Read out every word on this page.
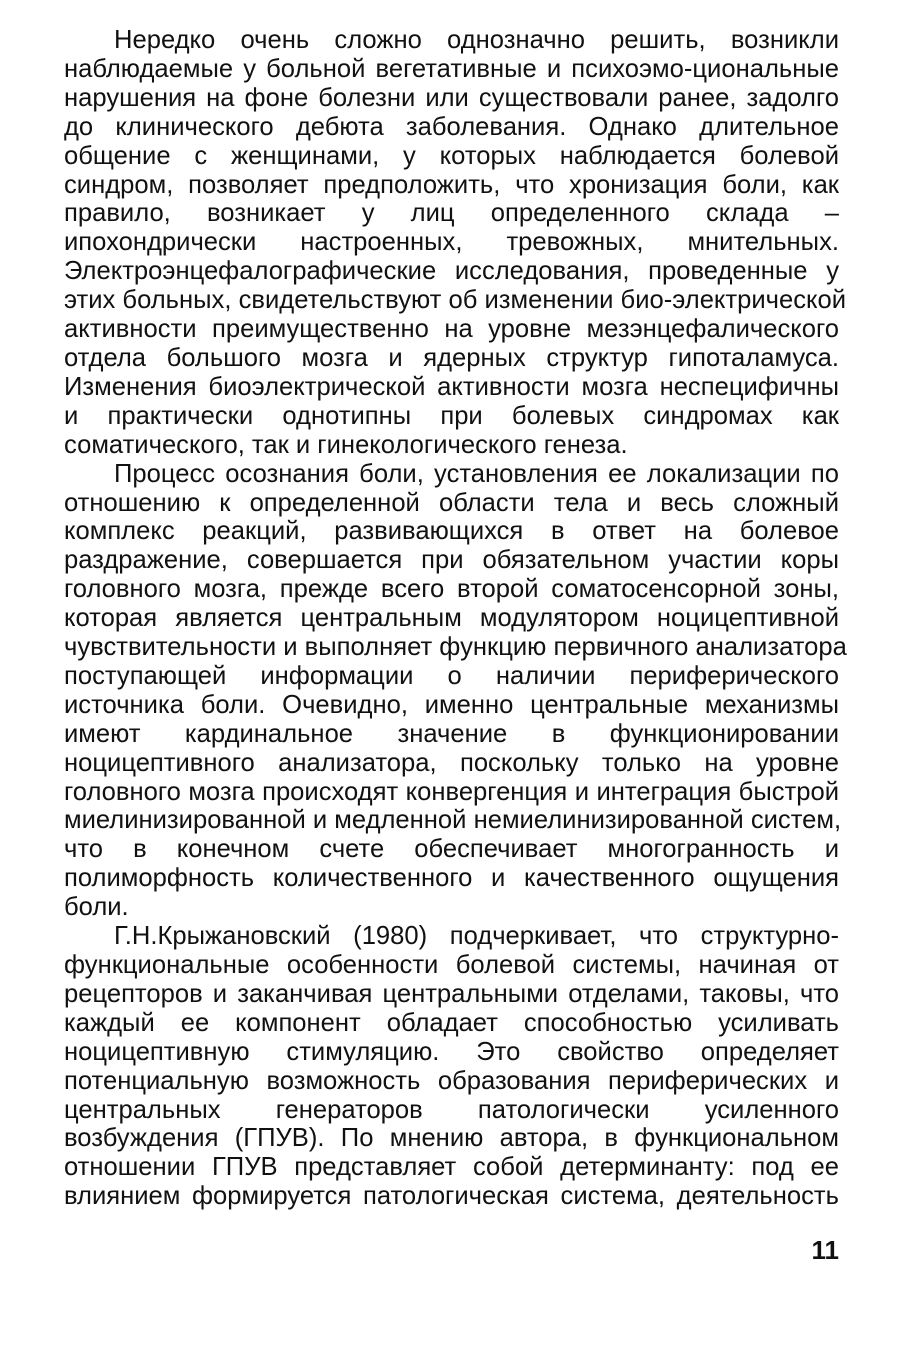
Нередко очень сложно однозначно решить, возникли
наблюдаемые у больной вегетативные и психоэмо-циональные
нарушения на фоне болезни или существовали ранее, задолго
до клинического дебюта заболевания. Однако длительное
общение с женщинами, у которых наблюдается болевой
синдром, позволяет предположить, что хронизация боли, как
правило, возникает у лиц определенного склада –
ипохондрически настроенных, тревожных, мнительных.
Электроэнцефалографические исследования, проведенные у
этих больных, свидетельствуют об изменении био-электрической
активности преимущественно на уровне мезэнцефалического
отдела большого мозга и ядерных структур гипоталамуса.
Изменения биоэлектрической активности мозга неспецифичны
и практически однотипны при болевых синдромах как
соматического, так и гинекологического генеза.

Процесс осознания боли, установления ее локализации по
отношению к определенной области тела и весь сложный
комплекс реакций, развивающихся в ответ на болевое
раздражение, совершается при обязательном участии коры
головного мозга, прежде всего второй соматосенсорной зоны,
которая является центральным модулятором ноцицептивной
чувствительности и выполняет функцию первичного анализатора
поступающей информации о наличии периферического
источника боли. Очевидно, именно центральные механизмы
имеют кардинальное значение в функционировании
ноцицептивного анализатора, поскольку только на уровне
головного мозга происходят конвергенция и интеграция быстрой
миелинизированной и медленной немиелинизированной систем,
что в конечном счете обеспечивает многогранность и
полиморфность количественного и качественного ощущения
боли.

Г.Н.Крыжановский (1980) подчеркивает, что структурно-
функциональные особенности болевой системы, начиная от
рецепторов и заканчивая центральными отделами, таковы, что
каждый ее компонент обладает способностью усиливать
ноцицептивную стимуляцию. Это свойство определяет
потенциальную возможность образования периферических и
центральных генераторов патологически усиленного
возбуждения (ГПУВ). По мнению автора, в функциональном
отношении ГПУВ представляет собой детерминанту: под ее
влиянием формируется патологическая система, деятельность

11
